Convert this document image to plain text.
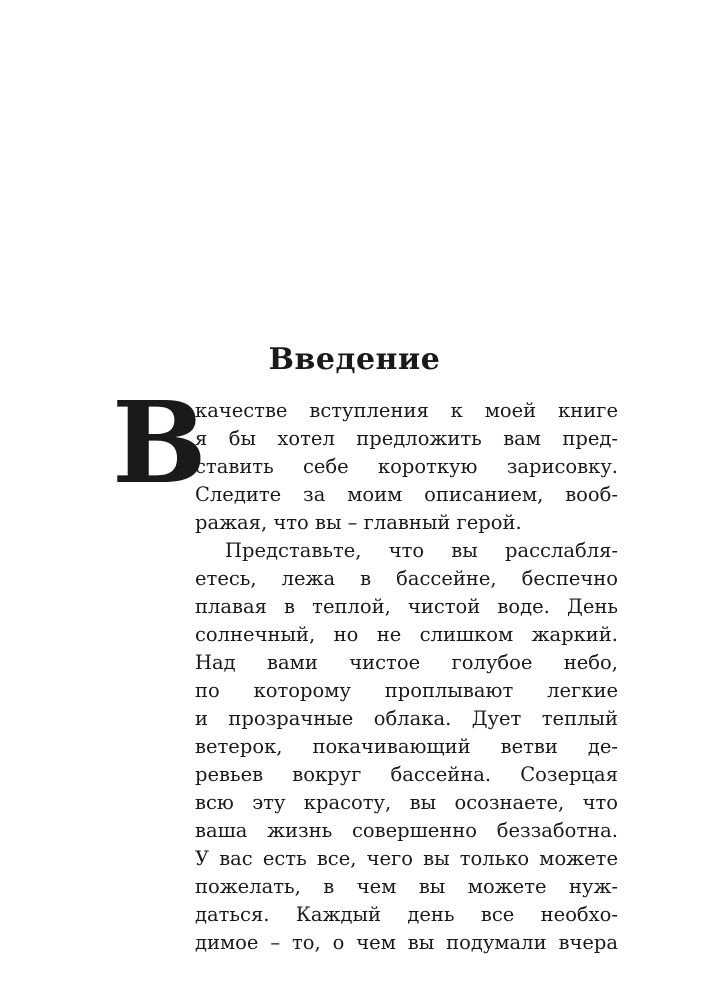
Введение
В
качестве вступления к моей книге
я бы хотел предложить вам пред-
ставить себе короткую зарисовку.
Следите за моим описанием, вооб-
ражая, что вы – главный герой.
Представьте, что вы расслабля-
етесь, лежа в бассейне, беспечно
плавая в теплой, чистой воде. День
солнечный, но не слишком жаркий.
Над вами чистое голубое небо,
по которому проплывают легкие
и прозрачные облака. Дует теплый
ветерок, покачивающий ветви де-
ревьев вокруг бассейна. Созерцая
всю эту красоту, вы осознаете, что
ваша жизнь совершенно беззаботна.
У вас есть все, чего вы только можете
пожелать, в чем вы можете нуж-
даться. Каждый день все необхо-
димое – то, о чем вы подумали вчера
